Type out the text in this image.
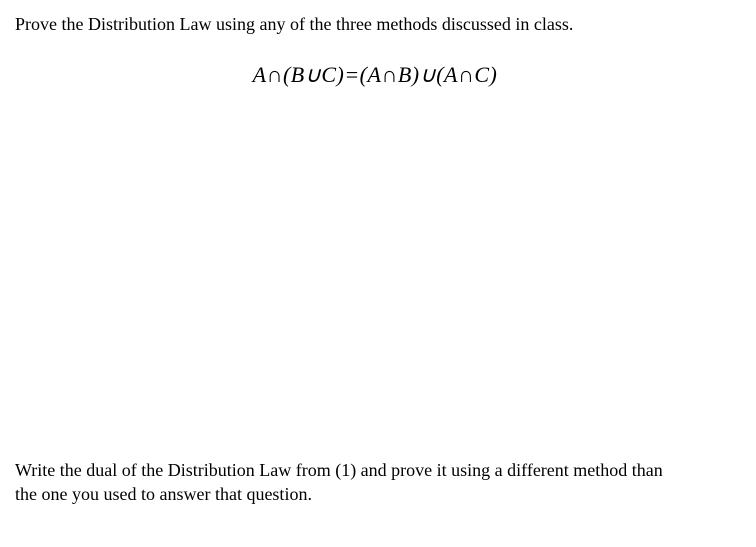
Prove the Distribution Law using any of the three methods discussed in class.
A∩(B∪C)=(A∩B)∪(A∩C)
Write the dual of the Distribution Law from (1) and prove it using a different method than
the one you used to answer that question.
